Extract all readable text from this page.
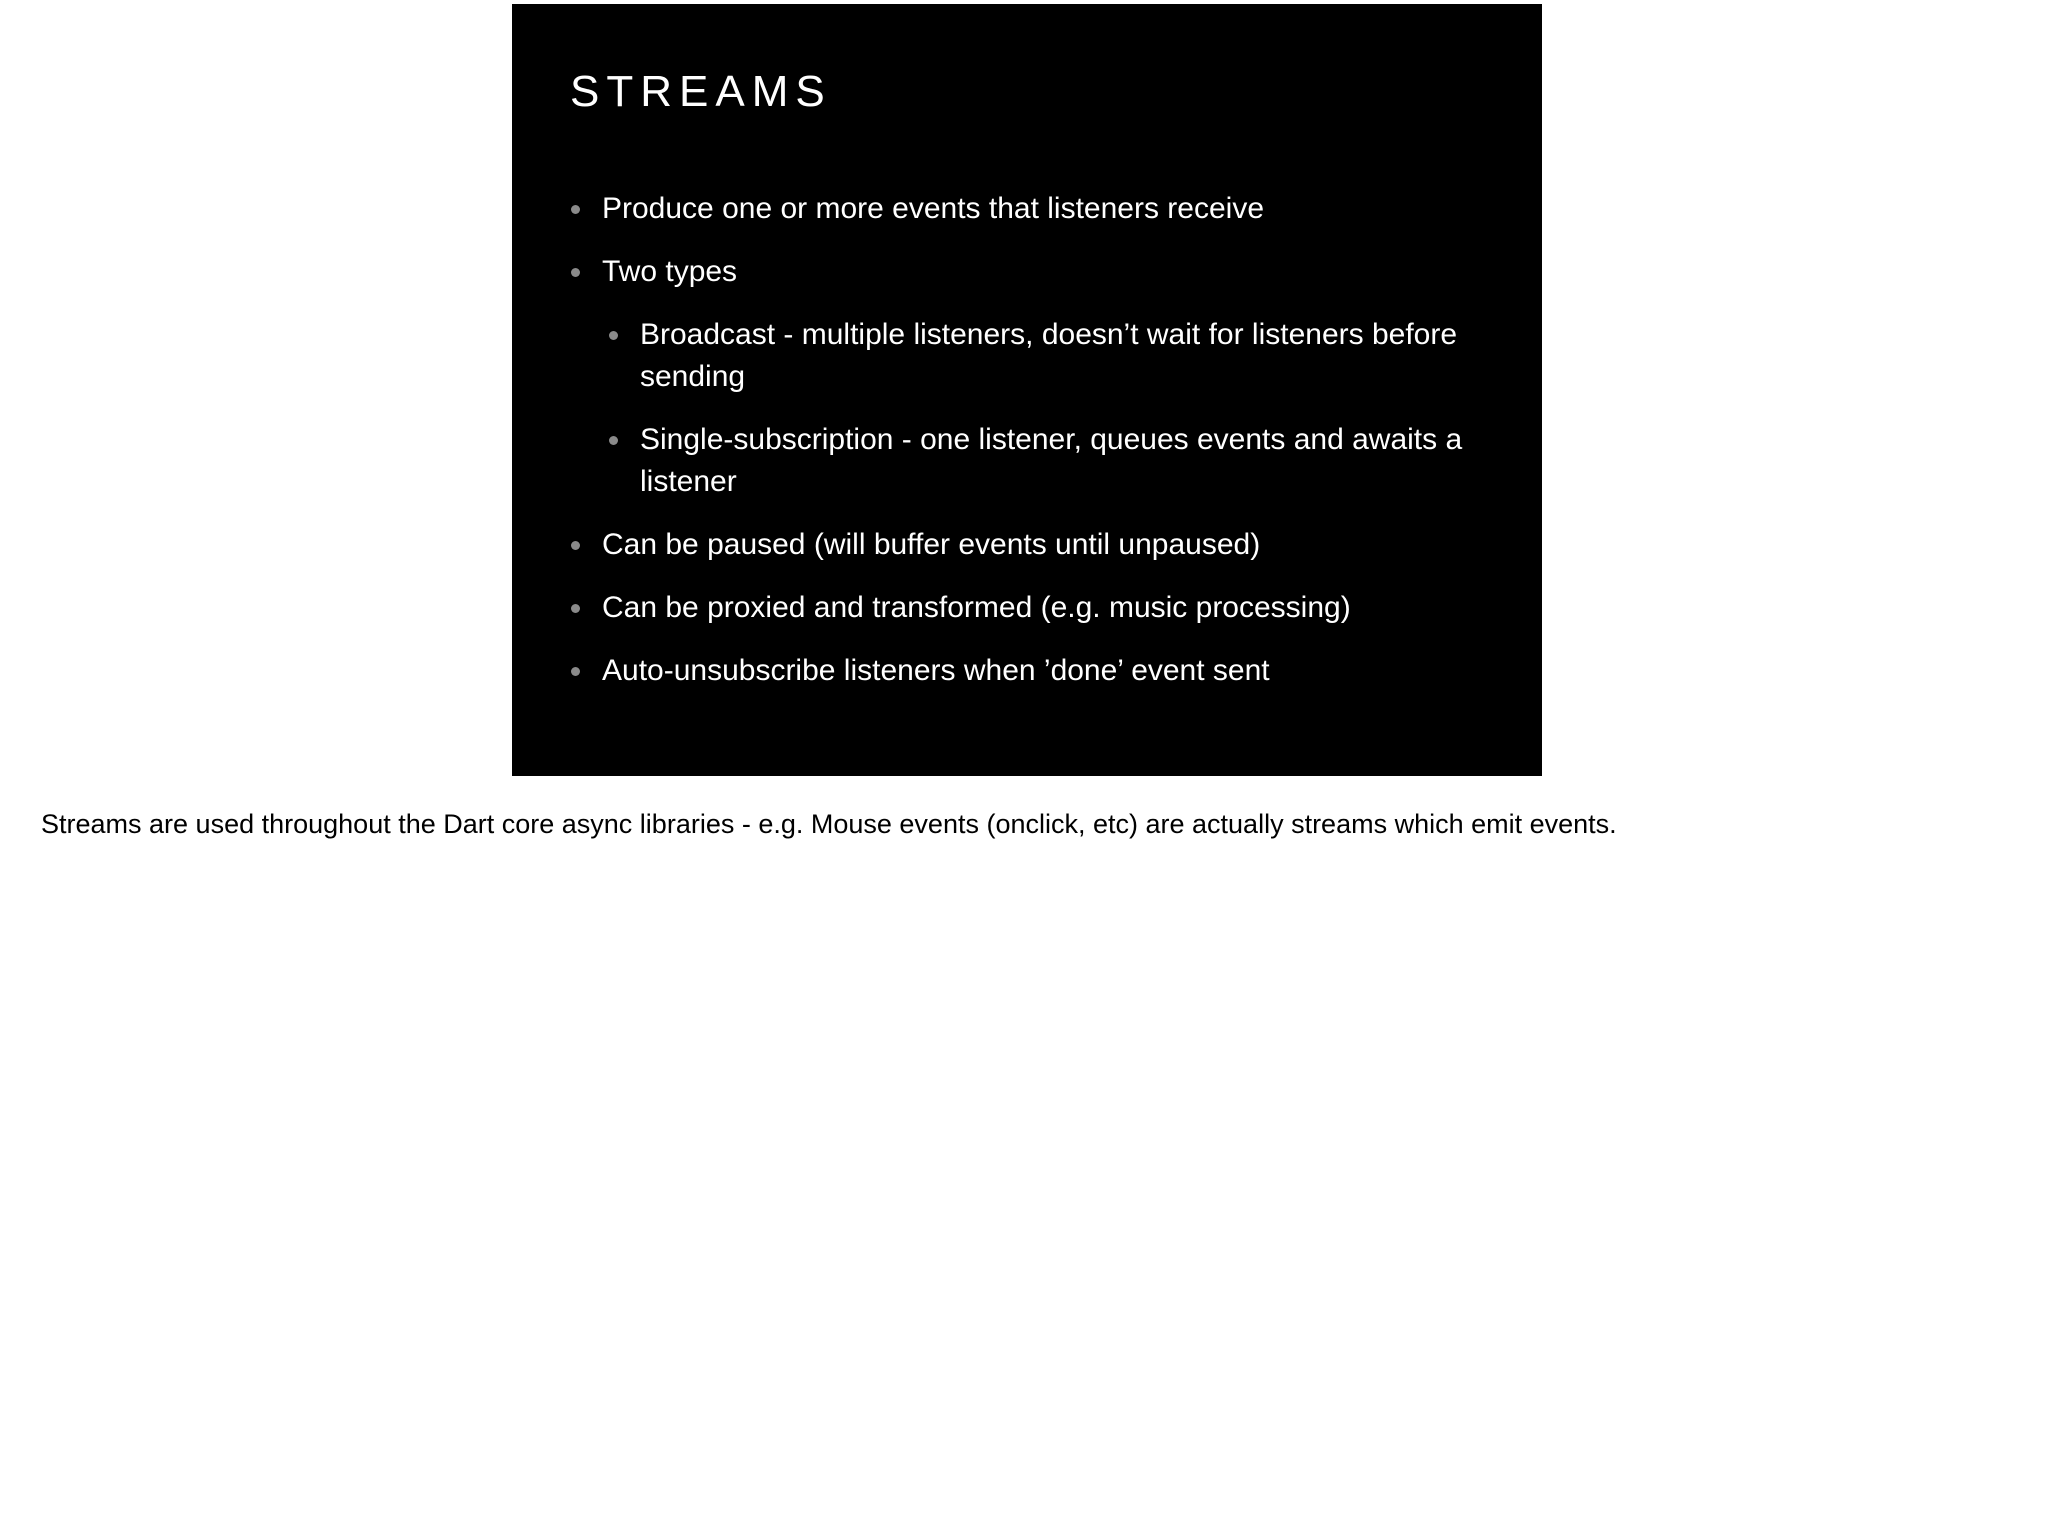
STREAMS
Produce one or more events that listeners receive
Two types
Broadcast - multiple listeners, doesn’t wait for listeners before sending
Single-subscription - one listener, queues events and awaits a listener
Can be paused (will buffer events until unpaused)
Can be proxied and transformed (e.g. music processing)
Auto-unsubscribe listeners when ’done’ event sent

Streams are used throughout the Dart core async libraries - e.g. Mouse events (onclick, etc) are actually streams which emit events.
